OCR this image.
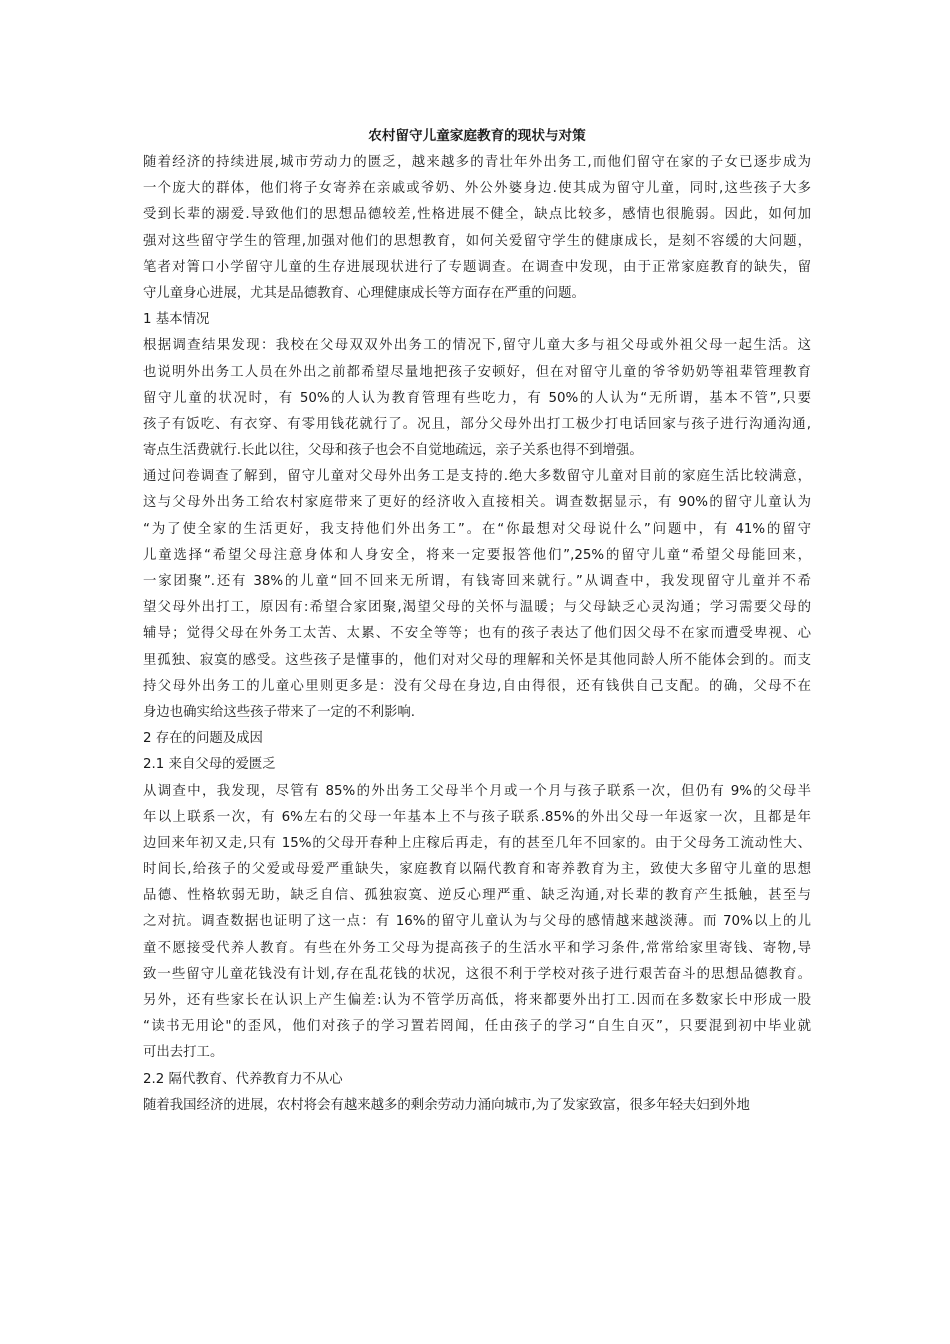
农村留守儿童家庭教育的现状与对策
随着经济的持续进展,城市劳动力的匮乏，越来越多的青壮年外出务工,而他们留守在家的子女已逐步成为
一个庞大的群体，他们将子女寄养在亲戚或爷奶、外公外婆身边.使其成为留守儿童，同时,这些孩子大多
受到长辈的溺爱.导致他们的思想品德较差,性格进展不健全，缺点比较多，感情也很脆弱。因此，如何加
强对这些留守学生的管理,加强对他们的思想教育，如何关爱留守学生的健康成长，是刻不容缓的大问题，
笔者对箐口小学留守儿童的生存进展现状进行了专题调查。在调查中发现，由于正常家庭教育的缺失，留
守儿童身心进展，尤其是品德教育、心理健康成长等方面存在严重的问题。
1 基本情况
根据调查结果发现：我校在父母双双外出务工的情况下,留守儿童大多与祖父母或外祖父母一起生活。这
也说明外出务工人员在外出之前都希望尽量地把孩子安顿好，但在对留守儿童的爷爷奶奶等祖辈管理教育
留守儿童的状况时，有 50%的人认为教育管理有些吃力，有 50%的人认为“无所谓，基本不管”,只要
孩子有饭吃、有衣穿、有零用钱花就行了。况且，部分父母外出打工极少打电话回家与孩子进行沟通沟通,
寄点生活费就行.长此以往，父母和孩子也会不自觉地疏远，亲子关系也得不到增强。
通过问卷调查了解到，留守儿童对父母外出务工是支持的.绝大多数留守儿童对目前的家庭生活比较满意，
这与父母外出务工给农村家庭带来了更好的经济收入直接相关。调查数据显示，有 90%的留守儿童认为
“为了使全家的生活更好，我支持他们外出务工”。在“你最想对父母说什么”问题中，有 41%的留守
儿童选择“希望父母注意身体和人身安全，将来一定要报答他们”,25%的留守儿童“希望父母能回来，
一家团聚”.还有 38%的儿童“回不回来无所谓，有钱寄回来就行。”从调查中，我发现留守儿童并不希
望父母外出打工，原因有:希望合家团聚,渴望父母的关怀与温暖；与父母缺乏心灵沟通；学习需要父母的
辅导；觉得父母在外务工太苦、太累、不安全等等；也有的孩子表达了他们因父母不在家而遭受卑视、心
里孤独、寂寞的感受。这些孩子是懂事的，他们对对父母的理解和关怀是其他同龄人所不能体会到的。而支
持父母外出务工的儿童心里则更多是：没有父母在身边,自由得很，还有钱供自己支配。的确，父母不在
身边也确实给这些孩子带来了一定的不利影响.
2 存在的问题及成因
2.1 来自父母的爱匮乏
从调查中，我发现，尽管有 85%的外出务工父母半个月或一个月与孩子联系一次，但仍有 9%的父母半
年以上联系一次，有 6%左右的父母一年基本上不与孩子联系.85%的外出父母一年返家一次，且都是年
边回来年初又走,只有 15%的父母开春种上庄稼后再走，有的甚至几年不回家的。由于父母务工流动性大、
时间长,给孩子的父爱或母爱严重缺失，家庭教育以隔代教育和寄养教育为主，致使大多留守儿童的思想
品德、性格软弱无助，缺乏自信、孤独寂寞、逆反心理严重、缺乏沟通,对长辈的教育产生抵触，甚至与
之对抗。调查数据也证明了这一点：有 16%的留守儿童认为与父母的感情越来越淡薄。而 70%以上的儿
童不愿接受代养人教育。有些在外务工父母为提高孩子的生活水平和学习条件,常常给家里寄钱、寄物,导
致一些留守儿童花钱没有计划,存在乱花钱的状况，这很不利于学校对孩子进行艰苦奋斗的思想品德教育。
另外，还有些家长在认识上产生偏差:认为不管学历高低，将来都要外出打工.因而在多数家长中形成一股
“读书无用论"的歪风，他们对孩子的学习置若罔闻，任由孩子的学习“自生自灭”，只要混到初中毕业就
可出去打工。
2.2 隔代教育、代养教育力不从心
随着我国经济的进展，农村将会有越来越多的剩余劳动力涌向城市,为了发家致富，很多年轻夫妇到外地
